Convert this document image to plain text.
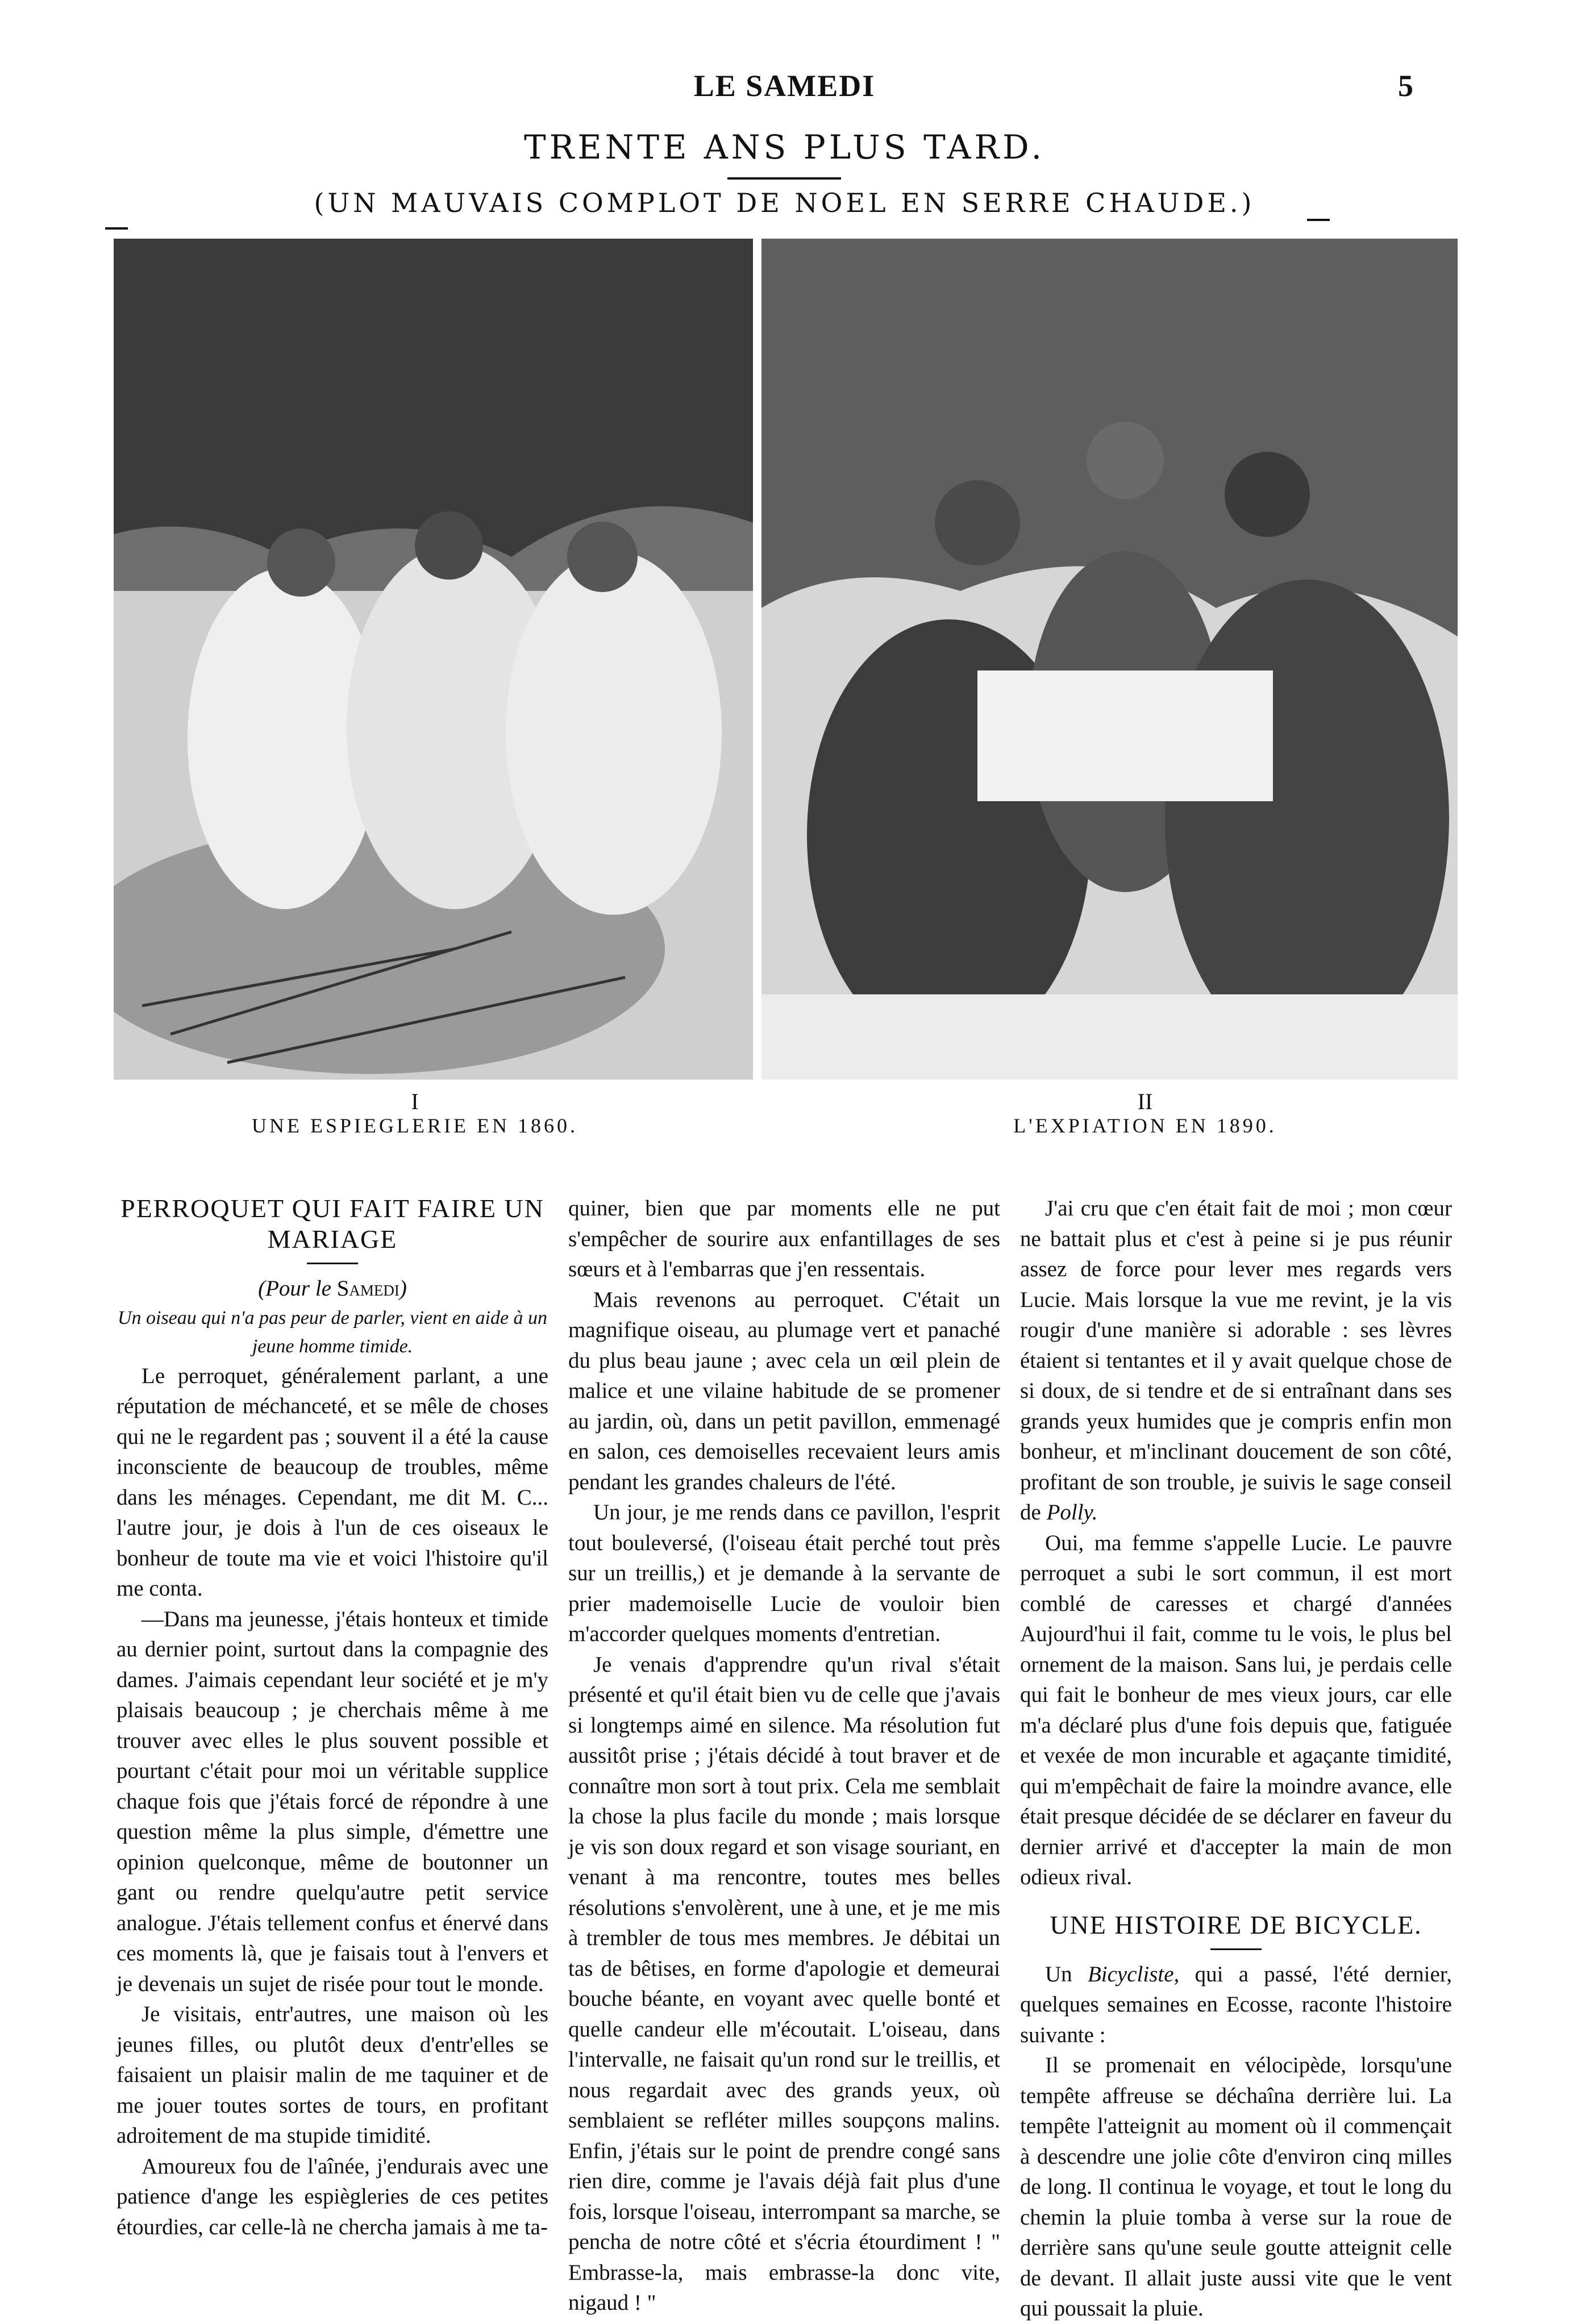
LE SAMEDI	5
TRENTE ANS PLUS TARD.
(UN MAUVAIS COMPLOT DE NOEL EN SERRE CHAUDE.)
I
UNE ESPIEGLERIE EN 1860.
II
L'EXPIATION EN 1890.
PERROQUET QUI FAIT FAIRE UN MARIAGE

(Pour le Samedi)

Un oiseau qui n'a pas peur de parler, vient en aide à un jeune homme timide.

Le perroquet, généralement parlant, a une réputation de méchanceté, et se mêle de choses qui ne le regardent pas ; souvent il a été la cause inconsciente de beaucoup de troubles, même dans les ménages. Cependant, me dit M. C... l'autre jour, je dois à l'un de ces oiseaux le bonheur de toute ma vie et voici l'histoire qu'il me conta.

—Dans ma jeunesse, j'étais honteux et timide au dernier point, surtout dans la compagnie des dames. J'aimais cependant leur société et je m'y plaisais beaucoup ; je cherchais même à me trouver avec elles le plus souvent possible et pourtant c'était pour moi un véritable supplice chaque fois que j'étais forcé de répondre à une question même la plus simple, d'émettre une opinion quelconque, même de boutonner un gant ou rendre quelqu'autre petit service analogue. J'étais tellement confus et énervé dans ces moments là, que je faisais tout à l'envers et je devenais un sujet de risée pour tout le monde.

Je visitais, entr'autres, une maison où les jeunes filles, ou plutôt deux d'entr'elles se faisaient un plaisir malin de me taquiner et de me jouer toutes sortes de tours, en profitant adroitement de ma stupide timidité.

Amoureux fou de l'aînée, j'endurais avec une patience d'ange les espiègleries de ces petites étourdies, car celle-là ne chercha jamais à me ta-

quiner, bien que par moments elle ne put s'empêcher de sourire aux enfantillages de ses sœurs et à l'embarras que j'en ressentais.

Mais revenons au perroquet. C'était un magnifique oiseau, au plumage vert et panaché du plus beau jaune ; avec cela un œil plein de malice et une vilaine habitude de se promener au jardin, où, dans un petit pavillon, emmenagé en salon, ces demoiselles recevaient leurs amis pendant les grandes chaleurs de l'été.

Un jour, je me rends dans ce pavillon, l'esprit tout bouleversé, (l'oiseau était perché tout près sur un treillis,) et je demande à la servante de prier mademoiselle Lucie de vouloir bien m'accorder quelques moments d'entretian.

Je venais d'apprendre qu'un rival s'était présenté et qu'il était bien vu de celle que j'avais si longtemps aimé en silence. Ma résolution fut aussitôt prise ; j'étais décidé à tout braver et de connaître mon sort à tout prix. Cela me semblait la chose la plus facile du monde ; mais lorsque je vis son doux regard et son visage souriant, en venant à ma rencontre, toutes mes belles résolutions s'envolèrent, une à une, et je me mis à trembler de tous mes membres. Je débitai un tas de bêtises, en forme d'apologie et demeurai bouche béante, en voyant avec quelle bonté et quelle candeur elle m'écoutait. L'oiseau, dans l'intervalle, ne faisait qu'un rond sur le treillis, et nous regardait avec des grands yeux, où semblaient se refléter milles soupçons malins. Enfin, j'étais sur le point de prendre congé sans rien dire, comme je l'avais déjà fait plus d'une fois, lorsque l'oiseau, interrompant sa marche, se pencha de notre côté et s'écria étourdiment ! " Embrasse-la, mais embrasse-la donc vite, nigaud ! "

J'ai cru que c'en était fait de moi ; mon cœur ne battait plus et c'est à peine si je pus réunir assez de force pour lever mes regards vers Lucie. Mais lorsque la vue me revint, je la vis rougir d'une manière si adorable : ses lèvres étaient si tentantes et il y avait quelque chose de si doux, de si tendre et de si entraînant dans ses grands yeux humides que je compris enfin mon bonheur, et m'inclinant doucement de son côté, profitant de son trouble, je suivis le sage conseil de Polly.

Oui, ma femme s'appelle Lucie. Le pauvre perroquet a subi le sort commun, il est mort comblé de caresses et chargé d'années Aujourd'hui il fait, comme tu le vois, le plus bel ornement de la maison. Sans lui, je perdais celle qui fait le bonheur de mes vieux jours, car elle m'a déclaré plus d'une fois depuis que, fatiguée et vexée de mon incurable et agaçante timidité, qui m'empêchait de faire la moindre avance, elle était presque décidée de se déclarer en faveur du dernier arrivé et d'accepter la main de mon odieux rival.

UNE HISTOIRE DE BICYCLE.

Un Bicycliste, qui a passé, l'été dernier, quelques semaines en Ecosse, raconte l'histoire suivante :

Il se promenait en vélocipède, lorsqu'une tempête affreuse se déchaîna derrière lui. La tempête l'atteignit au moment où il commençait à descendre une jolie côte d'environ cinq milles de long. Il continua le voyage, et tout le long du chemin la pluie tomba à verse sur la roue de derrière sans qu'une seule goutte atteignit celle de devant. Il allait juste aussi vite que le vent qui poussait la pluie.
